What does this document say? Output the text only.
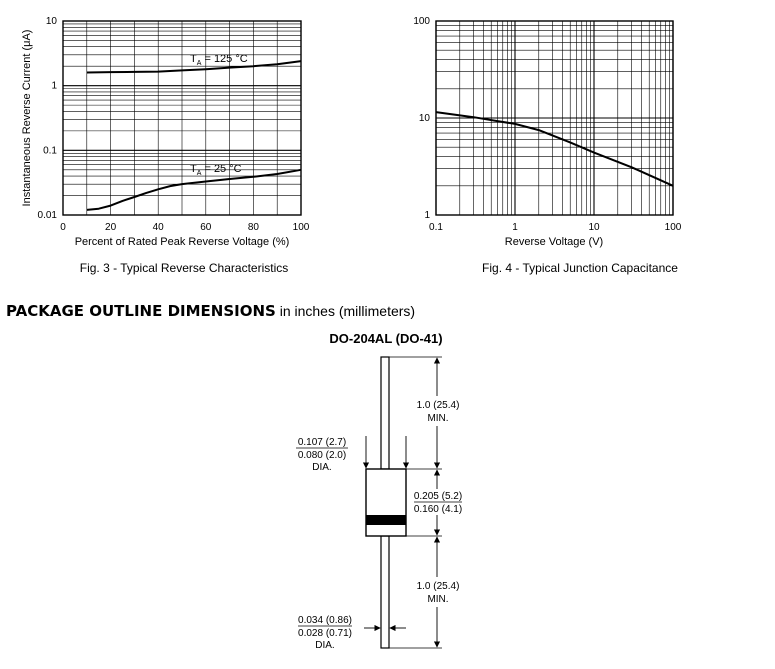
0	20	40	60	80	100
10
1
0.1
0.01
Percent of Rated Peak Reverse Voltage (%)
Instantaneous Reverse Current (μA)	$T_A = 125$ °C
$T_A = 25$ °C
Fig. 3 - Typical Reverse Characteristics
0.1	1	10	100
100
10
1
Reverse Voltage (V)
Fig. 4 - Typical Junction Capacitance
PACKAGE OUTLINE DIMENSIONS in inches (millimeters)
DO-204AL (DO-41)
1.0 (25.4)
MIN.
0.205 (5.2)
0.160 (4.1)
1.0 (25.4)
MIN.
0.107 (2.7)
0.080 (2.0)
DIA.
0.034 (0.86)
0.028 (0.71)
DIA.
